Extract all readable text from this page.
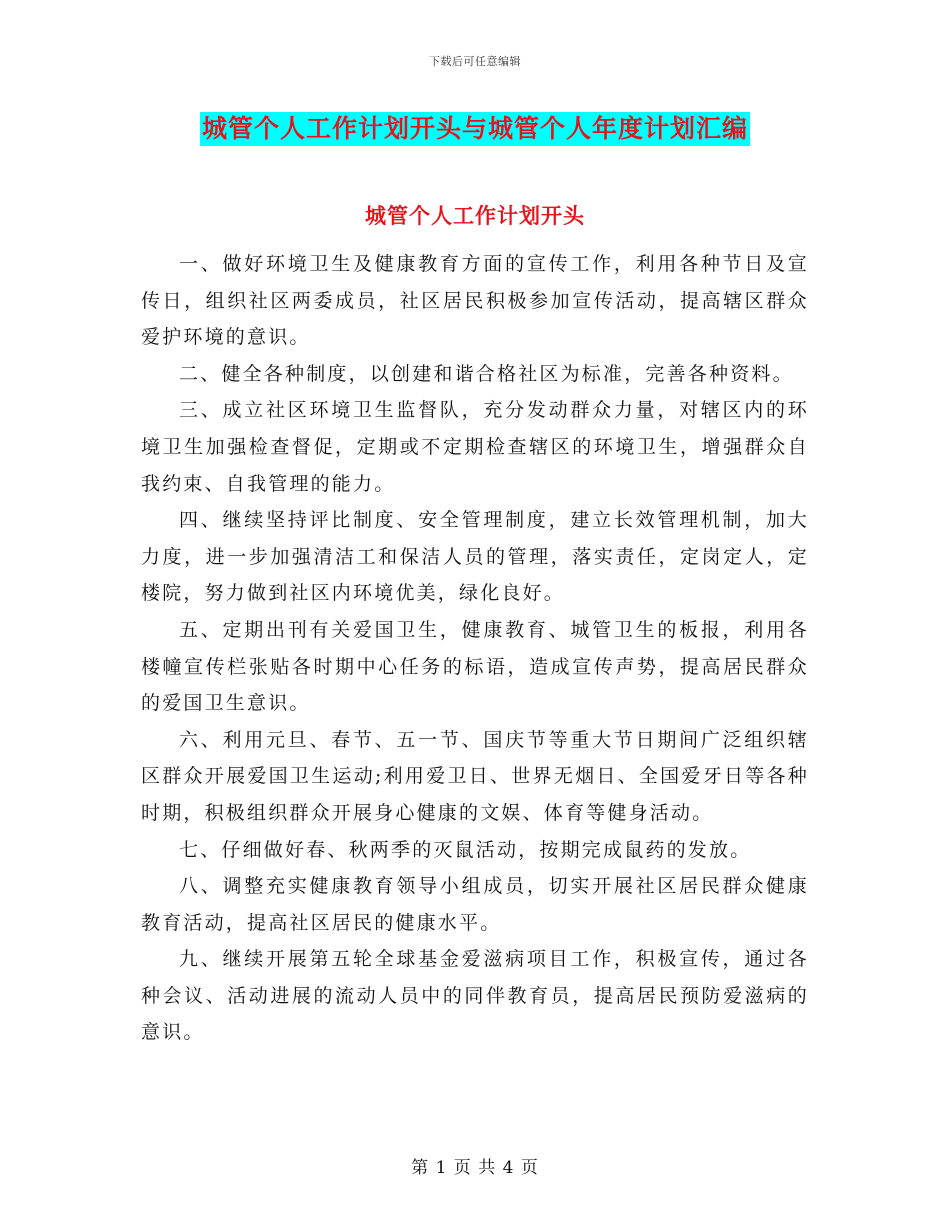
下载后可任意编辑
城管个人工作计划开头与城管个人年度计划汇编
城管个人工作计划开头

一、做好环境卫生及健康教育方面的宣传工作，利用各种节日及宣传日，组织社区两委成员，社区居民积极参加宣传活动，提高辖区群众爱护环境的意识。

二、健全各种制度，以创建和谐合格社区为标准，完善各种资料。

三、成立社区环境卫生监督队，充分发动群众力量，对辖区内的环境卫生加强检查督促，定期或不定期检查辖区的环境卫生，增强群众自我约束、自我管理的能力。

四、继续坚持评比制度、安全管理制度，建立长效管理机制，加大力度，进一步加强清洁工和保洁人员的管理，落实责任，定岗定人，定楼院，努力做到社区内环境优美，绿化良好。

五、定期出刊有关爱国卫生，健康教育、城管卫生的板报，利用各楼幢宣传栏张贴各时期中心任务的标语，造成宣传声势，提高居民群众的爱国卫生意识。

六、利用元旦、春节、五一节、国庆节等重大节日期间广泛组织辖区群众开展爱国卫生运动;利用爱卫日、世界无烟日、全国爱牙日等各种时期，积极组织群众开展身心健康的文娱、体育等健身活动。

七、仔细做好春、秋两季的灭鼠活动，按期完成鼠药的发放。

八、调整充实健康教育领导小组成员，切实开展社区居民群众健康教育活动，提高社区居民的健康水平。

九、继续开展第五轮全球基金爱滋病项目工作，积极宣传，通过各种会议、活动进展的流动人员中的同伴教育员，提高居民预防爱滋病的意识。

第 1 页 共 4 页
